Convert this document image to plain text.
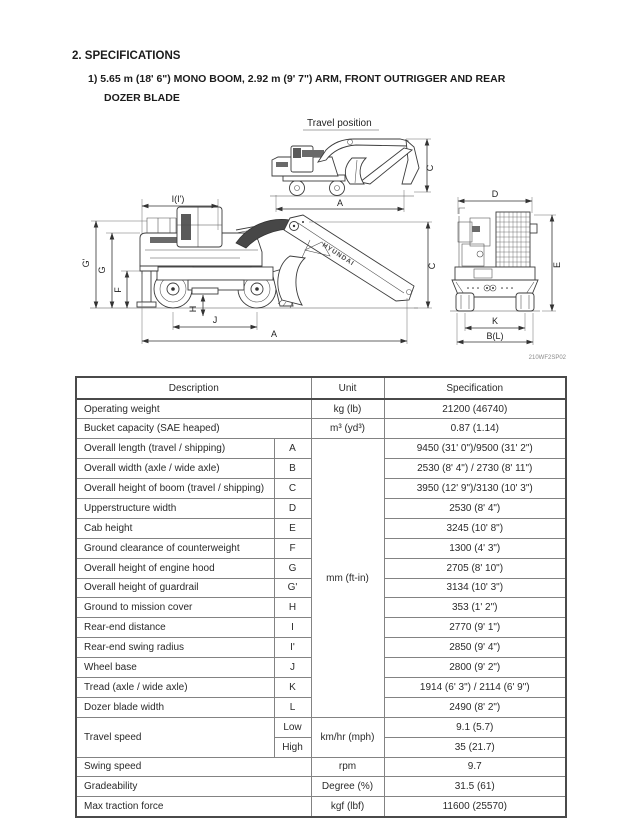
2. SPECIFICATIONS
1) 5.65 m (18' 6") MONO BOOM, 2.92 m (9' 7") ARM, FRONT OUTRIGGER AND REAR
DOZER BLADE
Travel position
C
A
HYUNDAI
I(I')
G'
G
F
H
J
A
C
D
E
K
B(L)
210WF2SP02
Description		Unit	Specification
Operating weight		kg (lb)	21200 (46740)
Bucket capacity (SAE heaped)		m³ (yd³)	0.87 (1.14)
Overall length (travel / shipping)	A	mm (ft-in)	9450 (31' 0")/9500 (31' 2")
Overall width (axle / wide axle)	B		2530 (8' 4") / 2730 (8' 11")
Overall height of boom (travel / shipping)	C		3950 (12' 9")/3130 (10' 3")
Upperstructure width	D		2530 (8' 4")
Cab height	E		3245 (10' 8")
Ground clearance of counterweight	F		1300 (4' 3")
Overall height of engine hood	G		2705 (8' 10")
Overall height of guardrail	G'		3134 (10' 3")
Ground to mission cover	H		353 (1' 2")
Rear-end distance	I		2770 (9' 1")
Rear-end swing radius	I'		2850 (9' 4")
Wheel base	J		2800 (9' 2")
Tread (axle / wide axle)	K		1914 (6' 3") / 2114 (6' 9")
Dozer blade width	L		2490 (8' 2")
Travel speed	Low	km/hr (mph)	9.1 (5.7)
	High		35 (21.7)
Swing speed		rpm	9.7
Gradeability		Degree (%)	31.5 (61)
Max traction force		kgf (lbf)	11600 (25570)
